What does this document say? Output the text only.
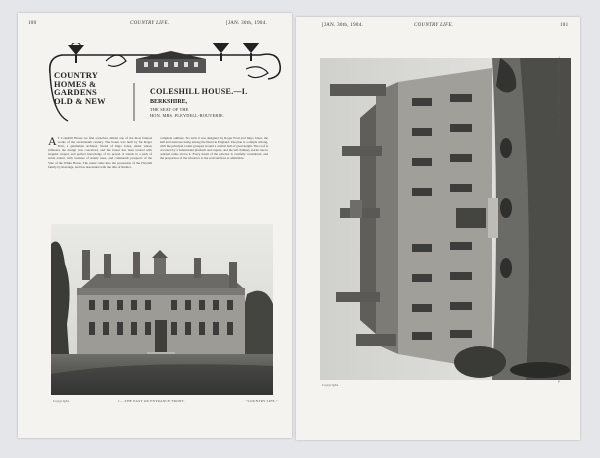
100	COUNTRY LIFE.	[JAN. 30th, 1904.
COUNTRY
HOMES &
GARDENS
OLD & NEW
COLESHILL HOUSE.—I.
BERKSHIRE,
THE SEAT OF THE
HON. MRS. PLEYDELL-BOUVERIE.
A T Coleshill House we find ourselves amidst one of the most famous works of the seventeenth century. The house was built by Sir Roger Pratt, a gentleman architect, friend of Inigo Jones, under whose influence the design was conceived, and the house has been treated with singular respect and perfect knowledge of its period. It stands in a park of noble extent, with avenues of stately trees, and commands prospects of the Vale of the White Horse. The estate came into the possession of the Pleydell family by marriage, and has descended with the title of Radnor.
complete outlines. No such it was designed by Roger Pratt and Inigo Jones, the hall and staircase being among the finest in England. The plan is a simple oblong, with the principal rooms grouped around a central hall of great height. The roof is crowned by a balustraded platform and cupola, and the tall chimney stacks rise in ordered ranks above it. Every detail of the exterior is carefully considered, and the proportion of the windows to the wall surfaces is admirable.
Copyright.	1.—THE EAST OR ENTRANCE FRONT.	"COUNTRY LIFE."
[JAN. 30th, 1904.	COUNTRY LIFE.	101
Copyright.
2.—SOUTH-WEST: THE HOUSE FROM THE PARK.
"C.L."
